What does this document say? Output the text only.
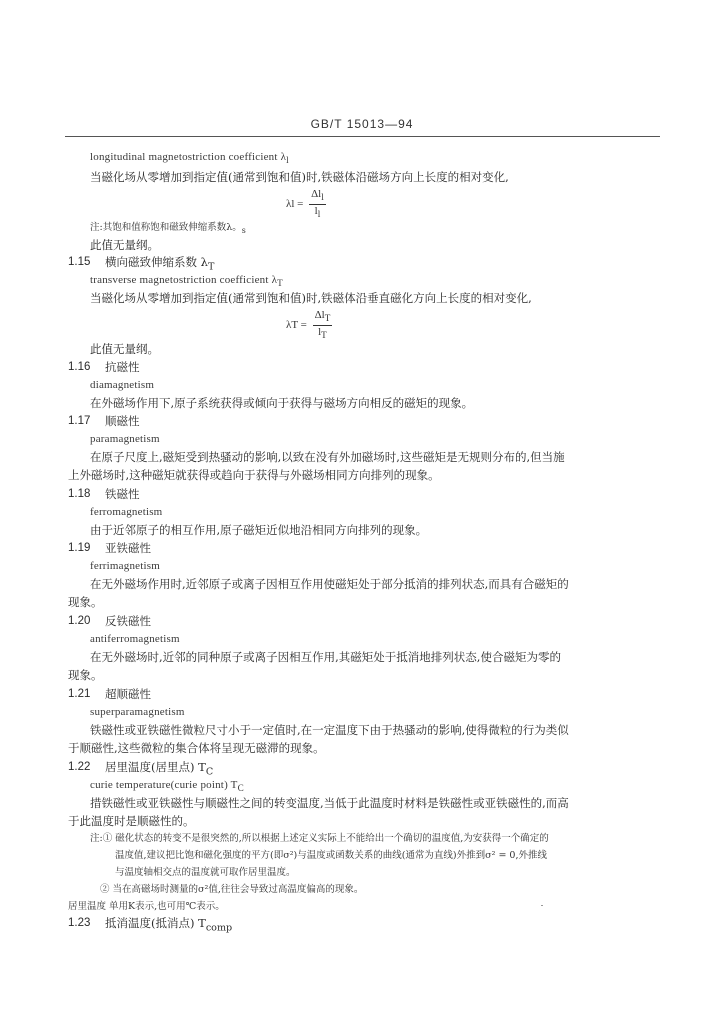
GB/T 15013—94
longitudinal magnetostriction coefficient $\lambda_l$
当磁化场从零增加到指定值(通常到饱和值)时,铁磁体沿磁场方向上长度的相对变化,
$\lambda l = \frac{\Delta l_l}{l_l}$
注:其饱和值称饱和磁致伸缩系数λ。$_s$
此值无量纲。
1.15 横向磁致伸缩系数 $\lambda_T$
transverse magnetostriction coefficient $\lambda_T$
当磁化场从零增加到指定值(通常到饱和值)时,铁磁体沿垂直磁化方向上长度的相对变化,
$\lambda T = \frac{\Delta l_T}{l_T}$
此值无量纲。
1.16 抗磁性
diamagnetism
在外磁场作用下,原子系统获得或倾向于获得与磁场方向相反的磁矩的现象。
1.17 顺磁性
paramagnetism
在原子尺度上,磁矩受到热骚动的影响,以致在没有外加磁场时,这些磁矩是无规则分布的,但当施
上外磁场时,这种磁矩就获得或趋向于获得与外磁场相同方向排列的现象。
1.18 铁磁性
ferromagnetism
由于近邻原子的相互作用,原子磁矩近似地沿相同方向排列的现象。
1.19 亚铁磁性
ferrimagnetism
在无外磁场作用时,近邻原子或离子因相互作用使磁矩处于部分抵消的排列状态,而具有合磁矩的
现象。
1.20 反铁磁性
antiferromagnetism
在无外磁场时,近邻的同种原子或离子因相互作用,其磁矩处于抵消地排列状态,使合磁矩为零的
现象。
1.21 超顺磁性
superparamagnetism
铁磁性或亚铁磁性微粒尺寸小于一定值时,在一定温度下由于热骚动的影响,使得微粒的行为类似
于顺磁性,这些微粒的集合体将呈现无磁滞的现象。
1.22 居里温度(居里点) $T_C$
curie temperature(curie point) $T_C$
措铁磁性或亚铁磁性与顺磁性之间的转变温度,当低于此温度时材料是铁磁性或亚铁磁性的,而高
于此温度时是顺磁性的。
注:① 磁化状态的转变不是很突然的,所以根据上述定义实际上不能给出一个确切的温度值,为安获得一个确定的
温度值,建议把比饱和磁化强度的平方(即σ²)与温度或函数关系的曲线(通常为直线)外推到σ² = 0,外推线
与温度轴相交点的温度就可取作居里温度。
② 当在高磁场时测量的σ²值,往往会导致过高温度偏高的现象。
居里温度 单用K表示,也可用℃表示。
1.23 抵消温度(抵消点) $T_{comp}$
